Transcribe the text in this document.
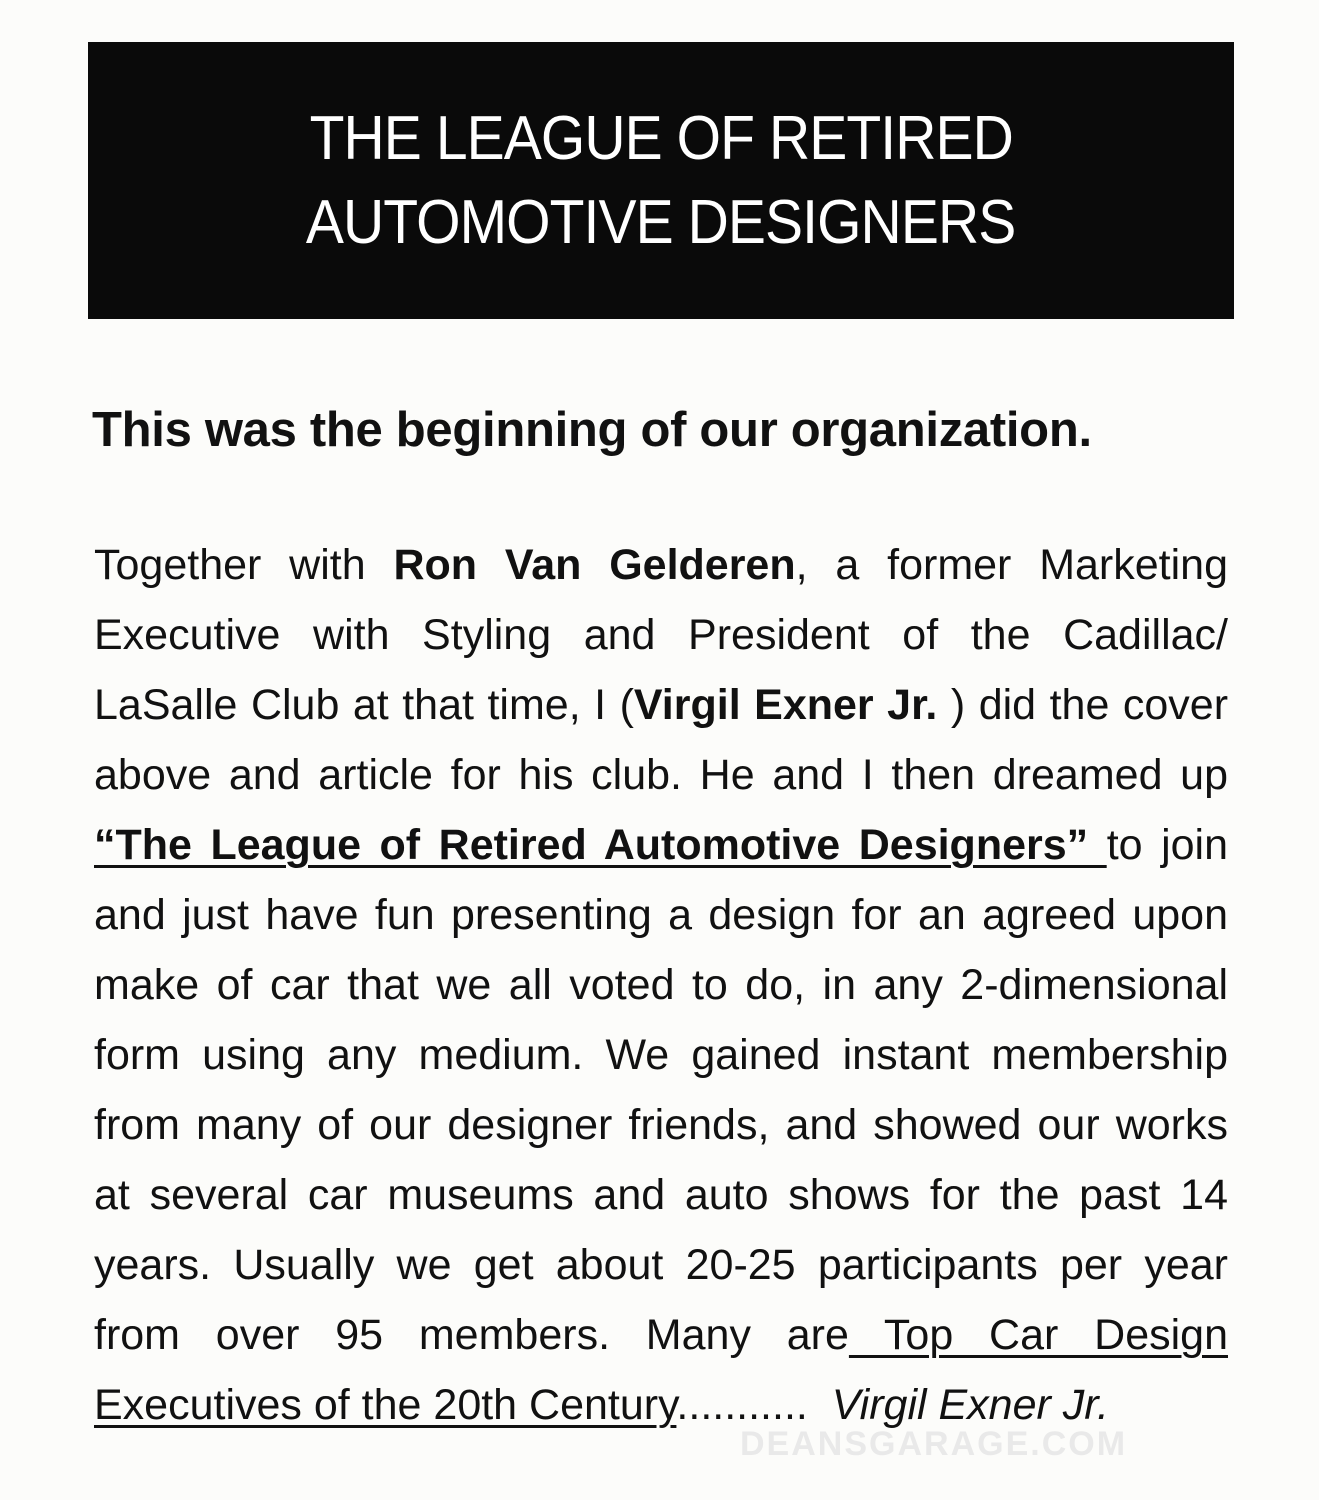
THE LEAGUE OF RETIRED
AUTOMOTIVE DESIGNERS
This was the beginning of our organization.
Together with Ron Van Gelderen, a former Marketing
Executive with Styling and President of the Cadillac/
LaSalle Club at that time, I (Virgil Exner Jr. ) did the cover
above and article for his club. He and I then dreamed up
“The League of Retired Automotive Designers” to join
and just have fun presenting a design for an agreed upon
make of car that we all voted to do, in any 2-dimensional
form using any medium. We gained instant membership
from many of our designer friends, and showed our works
at several car museums and auto shows for the past 14
years. Usually we get about 20-25 participants per year
from over 95 members. Many are Top Car Design
Executives of the 20th Century........... Virgil Exner Jr.
DEANSGARAGE.COM
